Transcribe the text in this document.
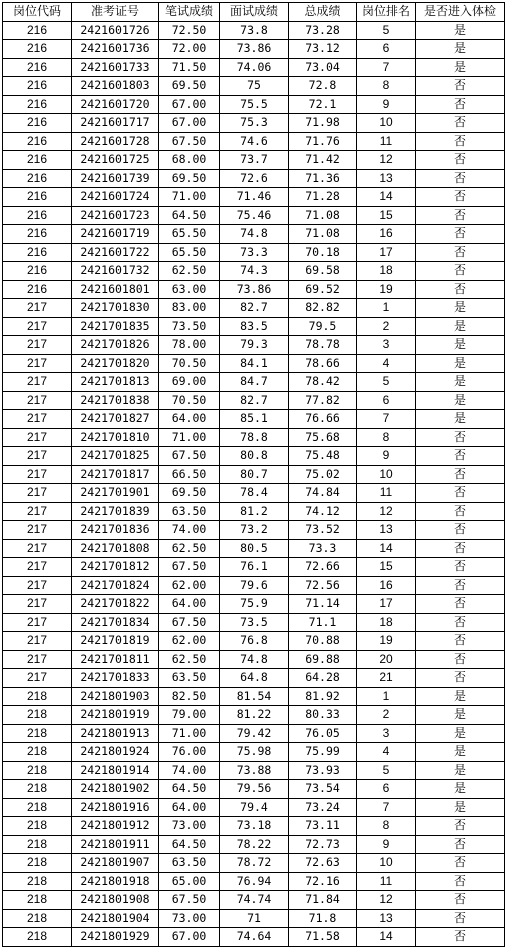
岗位代码	准考证号	笔试成绩	面试成绩	总成绩	岗位排名	是否进入体检
216	2421601726	72.50	73.8	73.28	5	是
216	2421601736	72.00	73.86	73.12	6	是
216	2421601733	71.50	74.06	73.04	7	是
216	2421601803	69.50	75	72.8	8	否
216	2421601720	67.00	75.5	72.1	9	否
216	2421601717	67.00	75.3	71.98	10	否
216	2421601728	67.50	74.6	71.76	11	否
216	2421601725	68.00	73.7	71.42	12	否
216	2421601739	69.50	72.6	71.36	13	否
216	2421601724	71.00	71.46	71.28	14	否
216	2421601723	64.50	75.46	71.08	15	否
216	2421601719	65.50	74.8	71.08	16	否
216	2421601722	65.50	73.3	70.18	17	否
216	2421601732	62.50	74.3	69.58	18	否
216	2421601801	63.00	73.86	69.52	19	否
217	2421701830	83.00	82.7	82.82	1	是
217	2421701835	73.50	83.5	79.5	2	是
217	2421701826	78.00	79.3	78.78	3	是
217	2421701820	70.50	84.1	78.66	4	是
217	2421701813	69.00	84.7	78.42	5	是
217	2421701838	70.50	82.7	77.82	6	是
217	2421701827	64.00	85.1	76.66	7	是
217	2421701810	71.00	78.8	75.68	8	否
217	2421701825	67.50	80.8	75.48	9	否
217	2421701817	66.50	80.7	75.02	10	否
217	2421701901	69.50	78.4	74.84	11	否
217	2421701839	63.50	81.2	74.12	12	否
217	2421701836	74.00	73.2	73.52	13	否
217	2421701808	62.50	80.5	73.3	14	否
217	2421701812	67.50	76.1	72.66	15	否
217	2421701824	62.00	79.6	72.56	16	否
217	2421701822	64.00	75.9	71.14	17	否
217	2421701834	67.50	73.5	71.1	18	否
217	2421701819	62.00	76.8	70.88	19	否
217	2421701811	62.50	74.8	69.88	20	否
217	2421701833	63.50	64.8	64.28	21	否
218	2421801903	82.50	81.54	81.92	1	是
218	2421801919	79.00	81.22	80.33	2	是
218	2421801913	71.00	79.42	76.05	3	是
218	2421801924	76.00	75.98	75.99	4	是
218	2421801914	74.00	73.88	73.93	5	是
218	2421801902	64.50	79.56	73.54	6	是
218	2421801916	64.00	79.4	73.24	7	是
218	2421801912	73.00	73.18	73.11	8	否
218	2421801911	64.50	78.22	72.73	9	否
218	2421801907	63.50	78.72	72.63	10	否
218	2421801918	65.00	76.94	72.16	11	否
218	2421801908	67.50	74.74	71.84	12	否
218	2421801904	73.00	71	71.8	13	否
218	2421801929	67.00	74.64	71.58	14	否
